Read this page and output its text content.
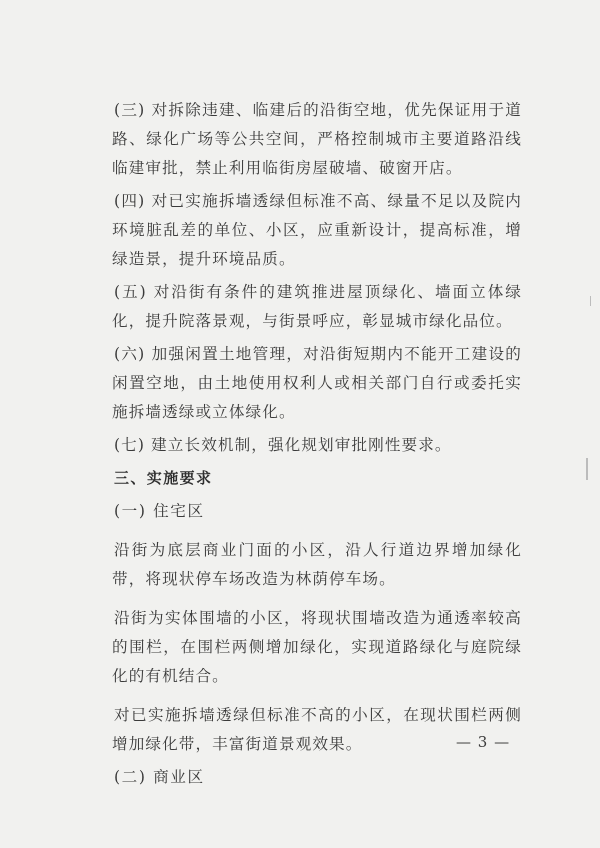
(三) 对拆除违建、临建后的沿街空地，优先保证用于道路、绿化广场等公共空间，严格控制城市主要道路沿线临建审批，禁止利用临街房屋破墙、破窗开店。

(四) 对已实施拆墙透绿但标准不高、绿量不足以及院内环境脏乱差的单位、小区，应重新设计，提高标准，增绿造景，提升环境品质。

(五) 对沿街有条件的建筑推进屋顶绿化、墙面立体绿化，提升院落景观，与街景呼应，彰显城市绿化品位。

(六) 加强闲置土地管理，对沿街短期内不能开工建设的闲置空地，由土地使用权利人或相关部门自行或委托实施拆墙透绿或立体绿化。

(七) 建立长效机制，强化规划审批刚性要求。

三、实施要求

(一) 住宅区

沿街为底层商业门面的小区，沿人行道边界增加绿化带，将现状停车场改造为林荫停车场。

沿街为实体围墙的小区，将现状围墙改造为通透率较高的围栏，在围栏两侧增加绿化，实现道路绿化与庭院绿化的有机结合。

对已实施拆墙透绿但标准不高的小区，在现状围栏两侧增加绿化带，丰富街道景观效果。

(二) 商业区

— 3 —
